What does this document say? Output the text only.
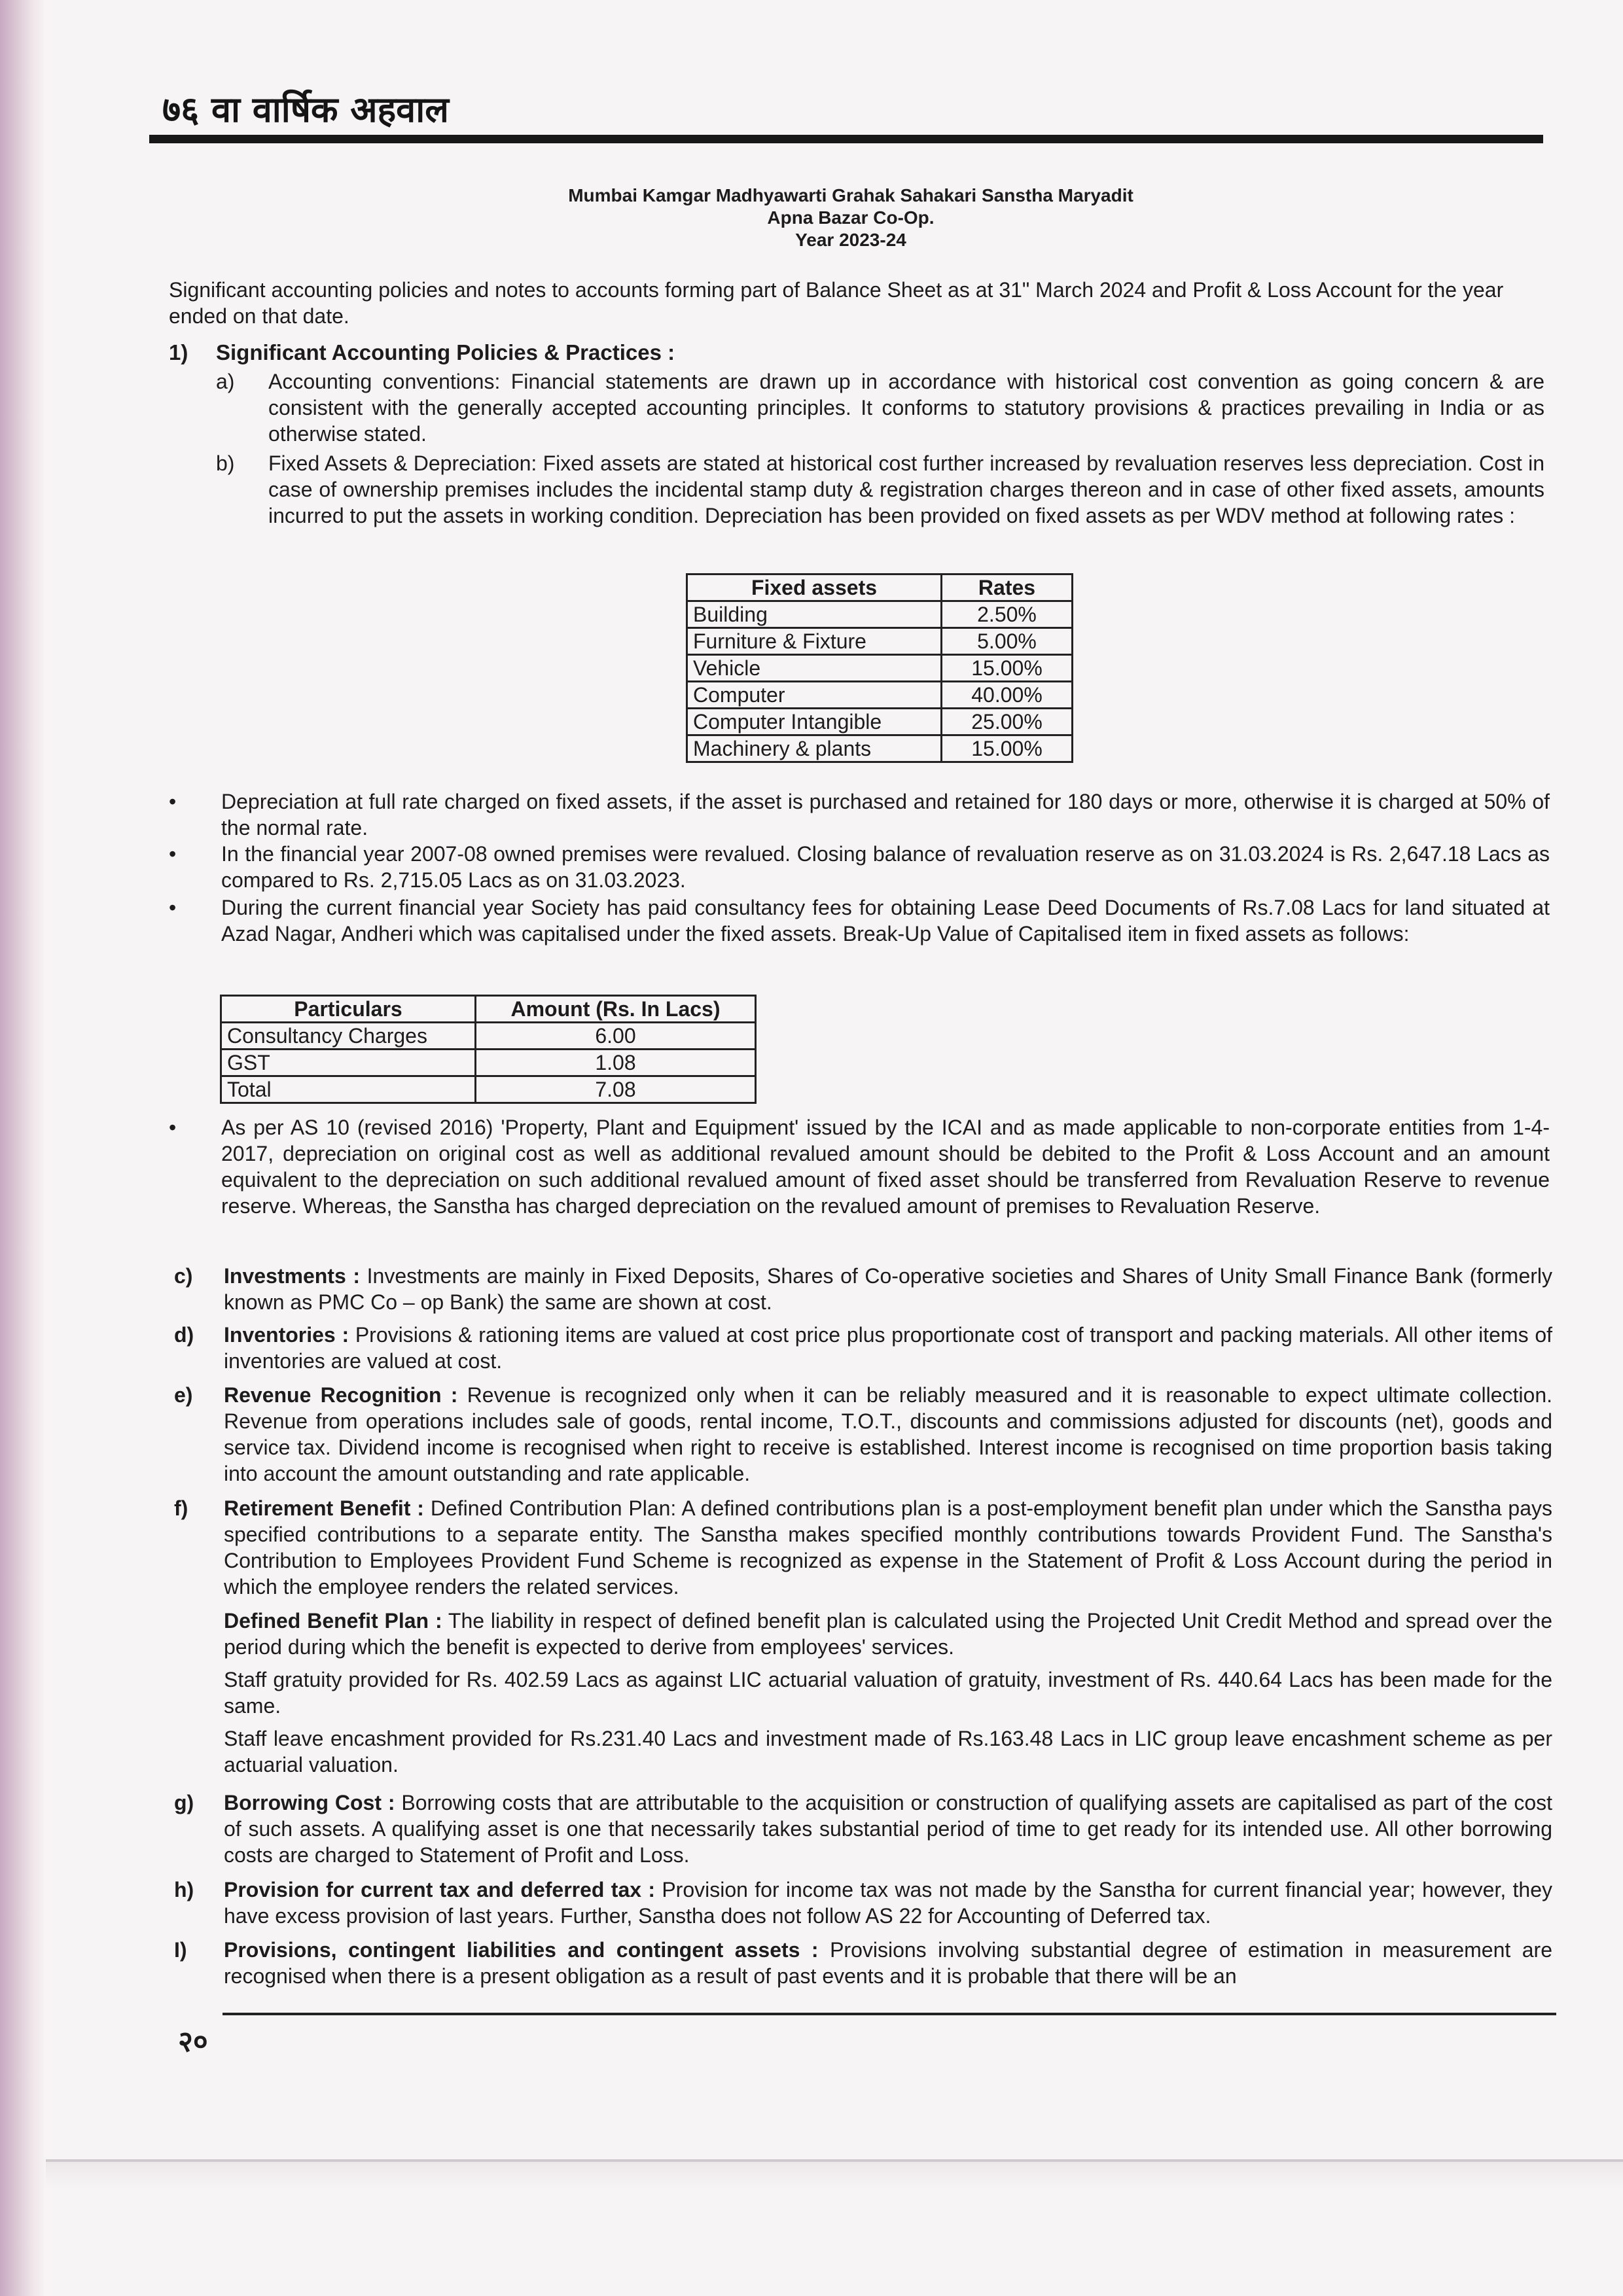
७६ वा वार्षिक अहवाल
Mumbai Kamgar Madhyawarti Grahak Sahakari Sanstha Maryadit
Apna Bazar Co-Op.
Year 2023-24
Significant accounting policies and notes to accounts forming part of Balance Sheet as at 31" March 2024 and Profit & Loss Account for the year ended on that date.
1) Significant Accounting Policies & Practices :
a) Accounting conventions: Financial statements are drawn up in accordance with historical cost convention as going concern & are consistent with the generally accepted accounting principles. It conforms to statutory provisions & practices prevailing in India or as otherwise stated.
b) Fixed Assets & Depreciation: Fixed assets are stated at historical cost further increased by revaluation reserves less depreciation. Cost in case of ownership premises includes the incidental stamp duty & registration charges thereon and in case of other fixed assets, amounts incurred to put the assets in working condition. Depreciation has been provided on fixed assets as per WDV method at following rates :
Fixed assets	Rates
Building	2.50%
Furniture & Fixture	5.00%
Vehicle	15.00%
Computer	40.00%
Computer Intangible	25.00%
Machinery & plants	15.00%
• Depreciation at full rate charged on fixed assets, if the asset is purchased and retained for 180 days or more, otherwise it is charged at 50% of the normal rate.
• In the financial year 2007-08 owned premises were revalued. Closing balance of revaluation reserve as on 31.03.2024 is Rs. 2,647.18 Lacs as compared to Rs. 2,715.05 Lacs as on 31.03.2023.
• During the current financial year Society has paid consultancy fees for obtaining Lease Deed Documents of Rs.7.08 Lacs for land situated at Azad Nagar, Andheri which was capitalised under the fixed assets. Break-Up Value of Capitalised item in fixed assets as follows:
Particulars	Amount (Rs. In Lacs)
Consultancy Charges	6.00
GST	1.08
Total	7.08
• As per AS 10 (revised 2016) 'Property, Plant and Equipment' issued by the ICAI and as made applicable to non-corporate entities from 1-4-2017, depreciation on original cost as well as additional revalued amount should be debited to the Profit & Loss Account and an amount equivalent to the depreciation on such additional revalued amount of fixed asset should be transferred from Revaluation Reserve to revenue reserve. Whereas, the Sanstha has charged depreciation on the revalued amount of premises to Revaluation Reserve.
c) Investments : Investments are mainly in Fixed Deposits, Shares of Co-operative societies and Shares of Unity Small Finance Bank (formerly known as PMC Co – op Bank) the same are shown at cost.
d) Inventories : Provisions & rationing items are valued at cost price plus proportionate cost of transport and packing materials. All other items of inventories are valued at cost.
e) Revenue Recognition : Revenue is recognized only when it can be reliably measured and it is reasonable to expect ultimate collection. Revenue from operations includes sale of goods, rental income, T.O.T., discounts and commissions adjusted for discounts (net), goods and service tax. Dividend income is recognised when right to receive is established. Interest income is recognised on time proportion basis taking into account the amount outstanding and rate applicable.
f) Retirement Benefit : Defined Contribution Plan: A defined contributions plan is a post-employment benefit plan under which the Sanstha pays specified contributions to a separate entity. The Sanstha makes specified monthly contributions towards Provident Fund. The Sanstha's Contribution to Employees Provident Fund Scheme is recognized as expense in the Statement of Profit & Loss Account during the period in which the employee renders the related services.
Defined Benefit Plan : The liability in respect of defined benefit plan is calculated using the Projected Unit Credit Method and spread over the period during which the benefit is expected to derive from employees' services.
Staff gratuity provided for Rs. 402.59 Lacs as against LIC actuarial valuation of gratuity, investment of Rs. 440.64 Lacs has been made for the same.
Staff leave encashment provided for Rs.231.40 Lacs and investment made of Rs.163.48 Lacs in LIC group leave encashment scheme as per actuarial valuation.
g) Borrowing Cost : Borrowing costs that are attributable to the acquisition or construction of qualifying assets are capitalised as part of the cost of such assets. A qualifying asset is one that necessarily takes substantial period of time to get ready for its intended use. All other borrowing costs are charged to Statement of Profit and Loss.
h) Provision for current tax and deferred tax : Provision for income tax was not made by the Sanstha for current financial year; however, they have excess provision of last years. Further, Sanstha does not follow AS 22 for Accounting of Deferred tax.
I) Provisions, contingent liabilities and contingent assets : Provisions involving substantial degree of estimation in measurement are recognised when there is a present obligation as a result of past events and it is probable that there will be an
२०
